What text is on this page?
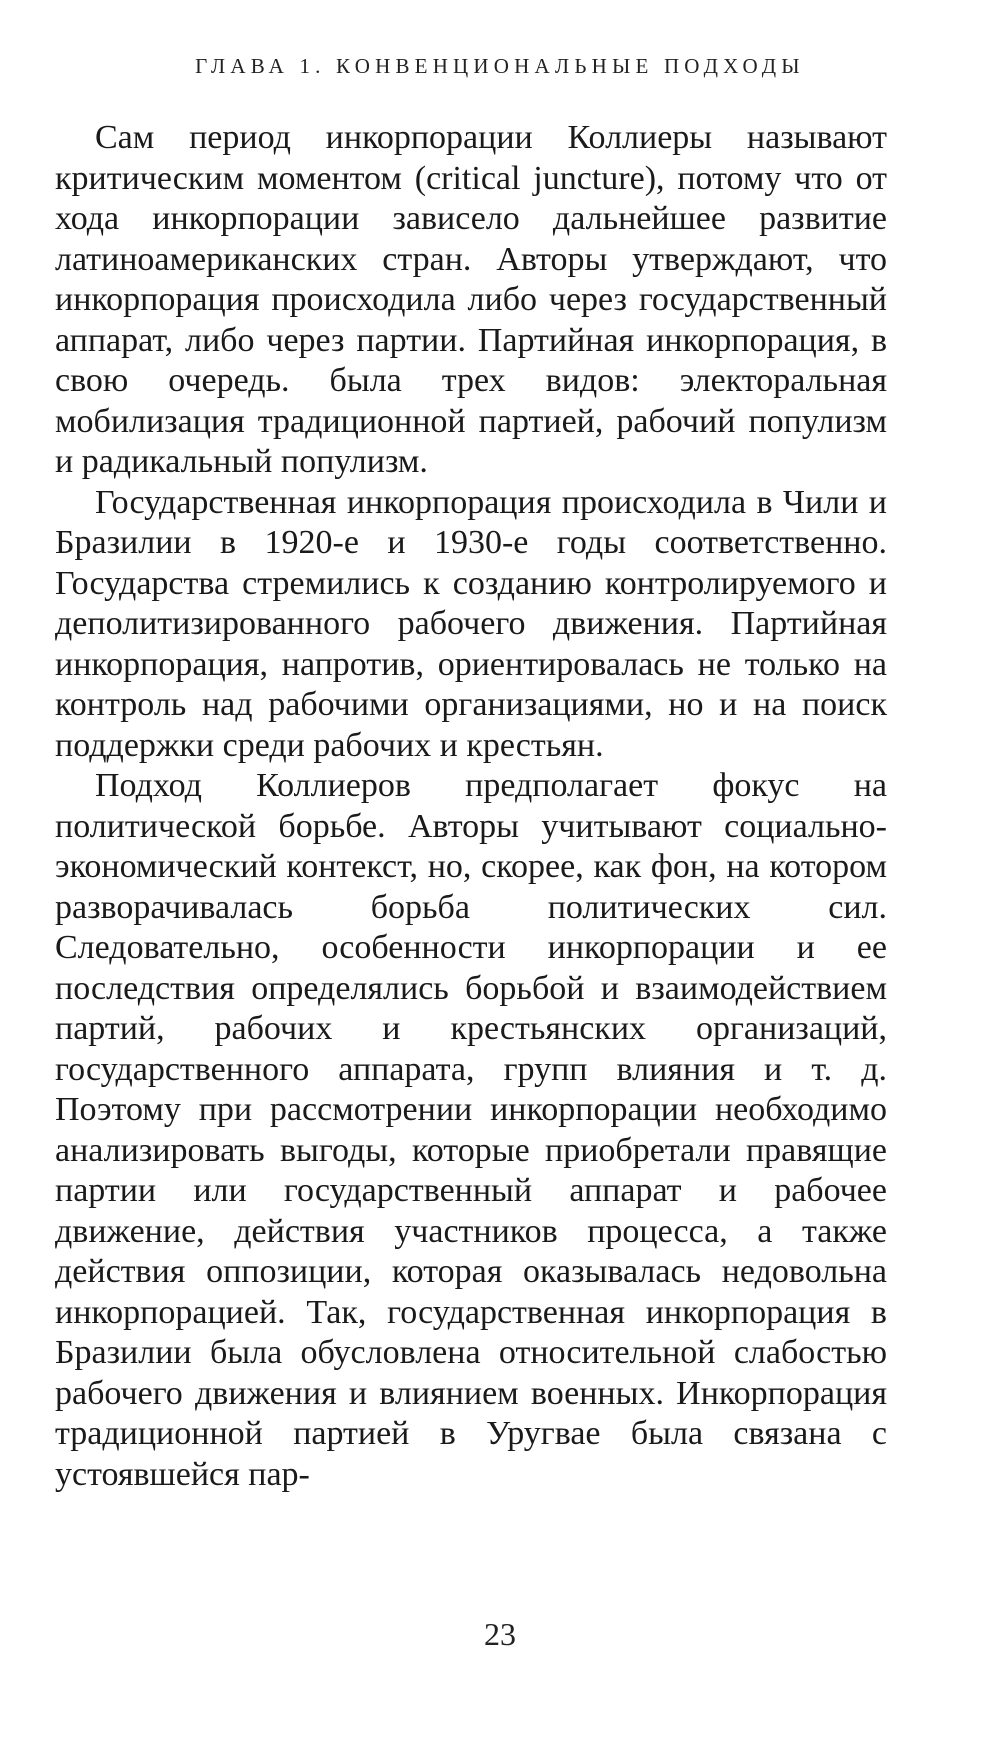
ГЛАВА 1. КОНВЕНЦИОНАЛЬНЫЕ ПОДХОДЫ

Сам период инкорпорации Коллиеры называют критическим моментом (critical juncture), потому что от хода инкорпорации зависело дальнейшее развитие латиноамериканских стран. Авторы утверждают, что инкорпорация происходила либо через государственный аппарат, либо через партии. Партийная инкорпорация, в свою очередь. была трех видов: электоральная мобилизация традиционной партией, рабочий популизм и радикальный популизм.

Государственная инкорпорация происходила в Чили и Бразилии в 1920-е и 1930-е годы соответственно. Государства стремились к созданию контролируемого и деполитизированного рабочего движения. Партийная инкорпорация, напротив, ориентировалась не только на контроль над рабочими организациями, но и на поиск поддержки среди рабочих и крестьян.

Подход Коллиеров предполагает фокус на политической борьбе. Авторы учитывают социально-экономический контекст, но, скорее, как фон, на котором разворачивалась борьба политических сил. Следовательно, особенности инкорпорации и ее последствия определялись борьбой и взаимодействием партий, рабочих и крестьянских организаций, государственного аппарата, групп влияния и т. д. Поэтому при рассмотрении инкорпорации необходимо анализировать выгоды, которые приобретали правящие партии или государственный аппарат и рабочее движение, действия участников процесса, а также действия оппозиции, которая оказывалась недовольна инкорпорацией. Так, государственная инкорпорация в Бразилии была обусловлена относительной слабостью рабочего движения и влиянием военных. Инкорпорация традиционной партией в Уругвае была связана с устоявшейся пар-

23
